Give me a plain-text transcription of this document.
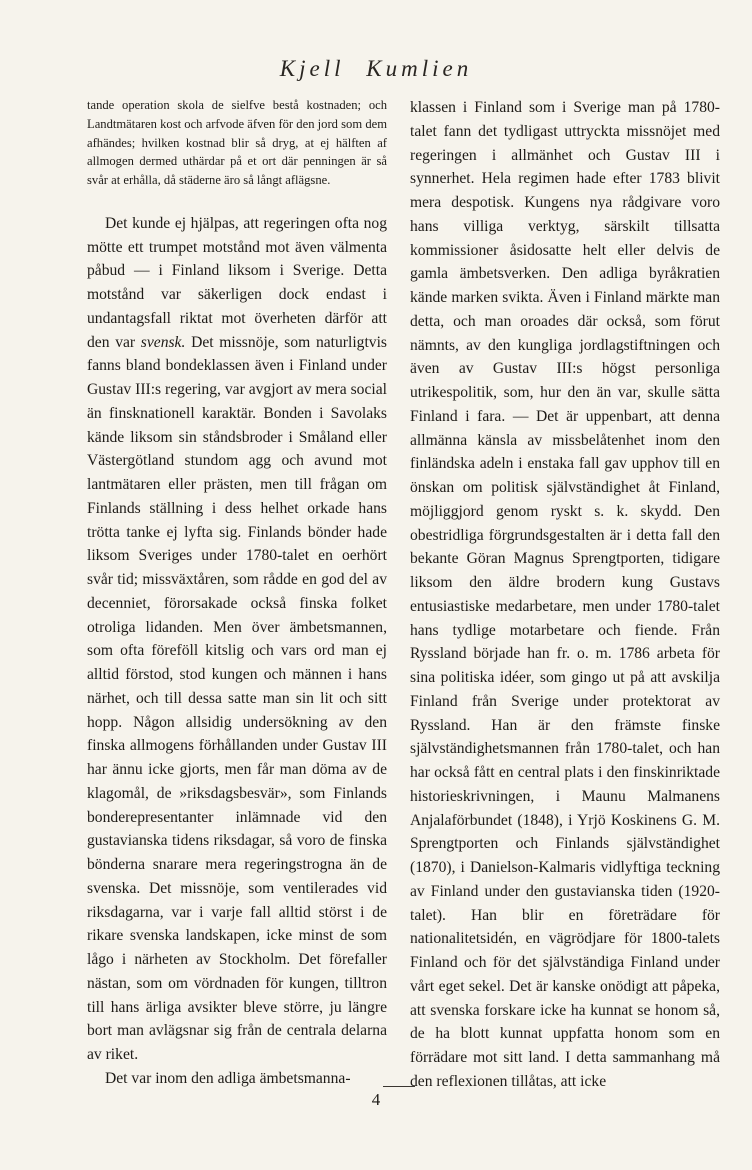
Kjell Kumlien

tande operation skola de sielfve bestå kostnaden; och Landtmätaren kost och arfvode äfven för den jord som dem afhändes; hvilken kostnad blir så dryg, at ej hälften af allmogen dermed uthärdar på et ort där penningen är så svår at erhålla, då städerne äro så långt aflägsne.

Det kunde ej hjälpas, att regeringen ofta nog mötte ett trumpet motstånd mot även välmenta påbud — i Finland liksom i Sverige. Detta motstånd var säkerligen dock endast i undantagsfall riktat mot överheten därför att den var svensk. Det missnöje, som naturligtvis fanns bland bondeklassen även i Finland under Gustav III:s regering, var avgjort av mera social än finsknationell karaktär. Bonden i Savolaks kände liksom sin ståndsbroder i Småland eller Västergötland stundom agg och avund mot lantmätaren eller prästen, men till frågan om Finlands ställning i dess helhet orkade hans trötta tanke ej lyfta sig. Finlands bönder hade liksom Sveriges under 1780-talet en oerhört svår tid; missväxtåren, som rådde en god del av decenniet, förorsakade också finska folket otroliga lidanden. Men över ämbetsmannen, som ofta föreföll kitslig och vars ord man ej alltid förstod, stod kungen och männen i hans närhet, och till dessa satte man sin lit och sitt hopp. Någon allsidig undersökning av den finska allmogens förhållanden under Gustav III har ännu icke gjorts, men får man döma av de klagomål, de »riksdagsbesvär», som Finlands bonderepresentanter inlämnade vid den gustavianska tidens riksdagar, så voro de finska bönderna snarare mera regeringstrogna än de svenska. Det missnöje, som ventilerades vid riksdagarna, var i varje fall alltid störst i de rikare svenska landskapen, icke minst de som lågo i närheten av Stockholm. Det förefaller nästan, som om vördnaden för kungen, tilltron till hans ärliga avsikter bleve större, ju längre bort man avlägsnar sig från de centrala delarna av riket.

Det var inom den adliga ämbetsmanna-

klassen i Finland som i Sverige man på 1780-talet fann det tydligast uttryckta missnöjet med regeringen i allmänhet och Gustav III i synnerhet. Hela regimen hade efter 1783 blivit mera despotisk. Kungens nya rådgivare voro hans villiga verktyg, särskilt tillsatta kommissioner åsidosatte helt eller delvis de gamla ämbetsverken. Den adliga byråkratien kände marken svikta. Även i Finland märkte man detta, och man oroades där också, som förut nämnts, av den kungliga jordlagstiftningen och även av Gustav III:s högst personliga utrikespolitik, som, hur den än var, skulle sätta Finland i fara. — Det är uppenbart, att denna allmänna känsla av missbelåtenhet inom den finländska adeln i enstaka fall gav upphov till en önskan om politisk självständighet åt Finland, möjliggjord genom ryskt s. k. skydd. Den obestridliga förgrundsgestalten är i detta fall den bekante Göran Magnus Sprengtporten, tidigare liksom den äldre brodern kung Gustavs entusiastiske medarbetare, men under 1780-talet hans tydlige motarbetare och fiende. Från Ryssland började han fr. o. m. 1786 arbeta för sina politiska idéer, som gingo ut på att avskilja Finland från Sverige under protektorat av Ryssland. Han är den främste finske självständighetsmannen från 1780-talet, och han har också fått en central plats i den finskinriktade historieskrivningen, i Maunu Malmanens Anjalaförbundet (1848), i Yrjö Koskinens G. M. Sprengtporten och Finlands självständighet (1870), i Danielson-Kalmaris vidlyftiga teckning av Finland under den gustavianska tiden (1920-talet). Han blir en företrädare för nationalitetsidén, en vägrödjare för 1800-talets Finland och för det självständiga Finland under vårt eget sekel. Det är kanske onödigt att påpeka, att svenska forskare icke ha kunnat se honom så, de ha blott kunnat uppfatta honom som en förrädare mot sitt land. I detta sammanhang må den reflexionen tillåtas, att icke

4
